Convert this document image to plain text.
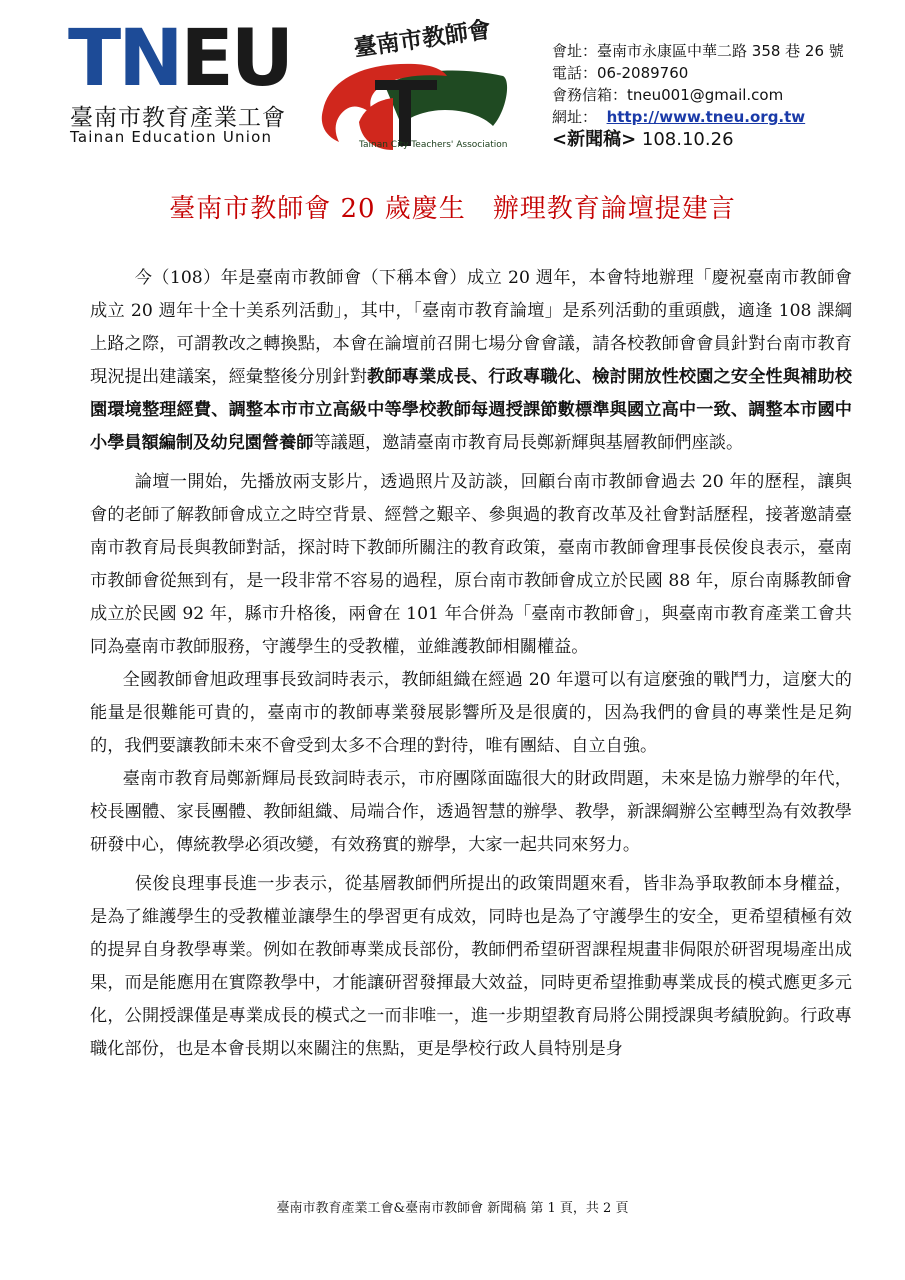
TNEU
臺南市教育產業工會
Tainan Education Union
臺南市教師會
Tainan City Teachers' Association
會址：臺南市永康區中華二路 358 巷 26 號
電話：06-2089760
會務信箱：tneu001@gmail.com
網址： http://www.tneu.org.tw
<新聞稿> 108.10.26
臺南市教師會 20 歲慶生　辦理教育論壇提建言

今（108）年是臺南市教師會（下稱本會）成立 20 週年，本會特地辦理「慶祝臺南市教師會成立 20 週年十全十美系列活動」，其中，「臺南市教育論壇」是系列活動的重頭戲，適逢 108 課綱上路之際，可謂教改之轉換點，本會在論壇前召開七場分會會議，請各校教師會會員針對台南市教育現況提出建議案，經彙整後分別針對教師專業成長、行政專職化、檢討開放性校園之安全性與補助校園環境整理經費、調整本市市立高級中等學校教師每週授課節數標準與國立高中一致、調整本市國中小學員額編制及幼兒園營養師等議題，邀請臺南市教育局長鄭新輝與基層教師們座談。

論壇一開始，先播放兩支影片，透過照片及訪談，回顧台南市教師會過去 20 年的歷程，讓與會的老師了解教師會成立之時空背景、經營之艱辛、參與過的教育改革及社會對話歷程，接著邀請臺南市教育局長與教師對話，探討時下教師所關注的教育政策，臺南市教師會理事長侯俊良表示，臺南市教師會從無到有，是一段非常不容易的過程，原台南市教師會成立於民國 88 年，原台南縣教師會成立於民國 92 年，縣市升格後，兩會在 101 年合併為「臺南市教師會」，與臺南市教育產業工會共同為臺南市教師服務，守護學生的受教權，並維護教師相關權益。

全國教師會旭政理事長致詞時表示，教師組織在經過 20 年還可以有這麼強的戰鬥力，這麼大的能量是很難能可貴的，臺南市的教師專業發展影響所及是很廣的，因為我們的會員的專業性是足夠的，我們要讓教師未來不會受到太多不合理的對待，唯有團結、自立自強。

臺南市教育局鄭新輝局長致詞時表示，市府團隊面臨很大的財政問題，未來是協力辦學的年代，校長團體、家長團體、教師組織、局端合作，透過智慧的辦學、教學，新課綱辦公室轉型為有效教學研發中心，傳統教學必須改變，有效務實的辦學，大家一起共同來努力。

侯俊良理事長進一步表示，從基層教師們所提出的政策問題來看，皆非為爭取教師本身權益，是為了維護學生的受教權並讓學生的學習更有成效，同時也是為了守護學生的安全，更希望積極有效的提昇自身教學專業。例如在教師專業成長部份，教師們希望研習課程規畫非侷限於研習現場產出成果，而是能應用在實際教學中，才能讓研習發揮最大效益，同時更希望推動專業成長的模式應更多元化，公開授課僅是專業成長的模式之一而非唯一，進一步期望教育局將公開授課與考績脫鉤。行政專職化部份，也是本會長期以來關注的焦點，更是學校行政人員特別是身

臺南市教育產業工會&臺南市教師會 新聞稿 第 1 頁，共 2 頁
